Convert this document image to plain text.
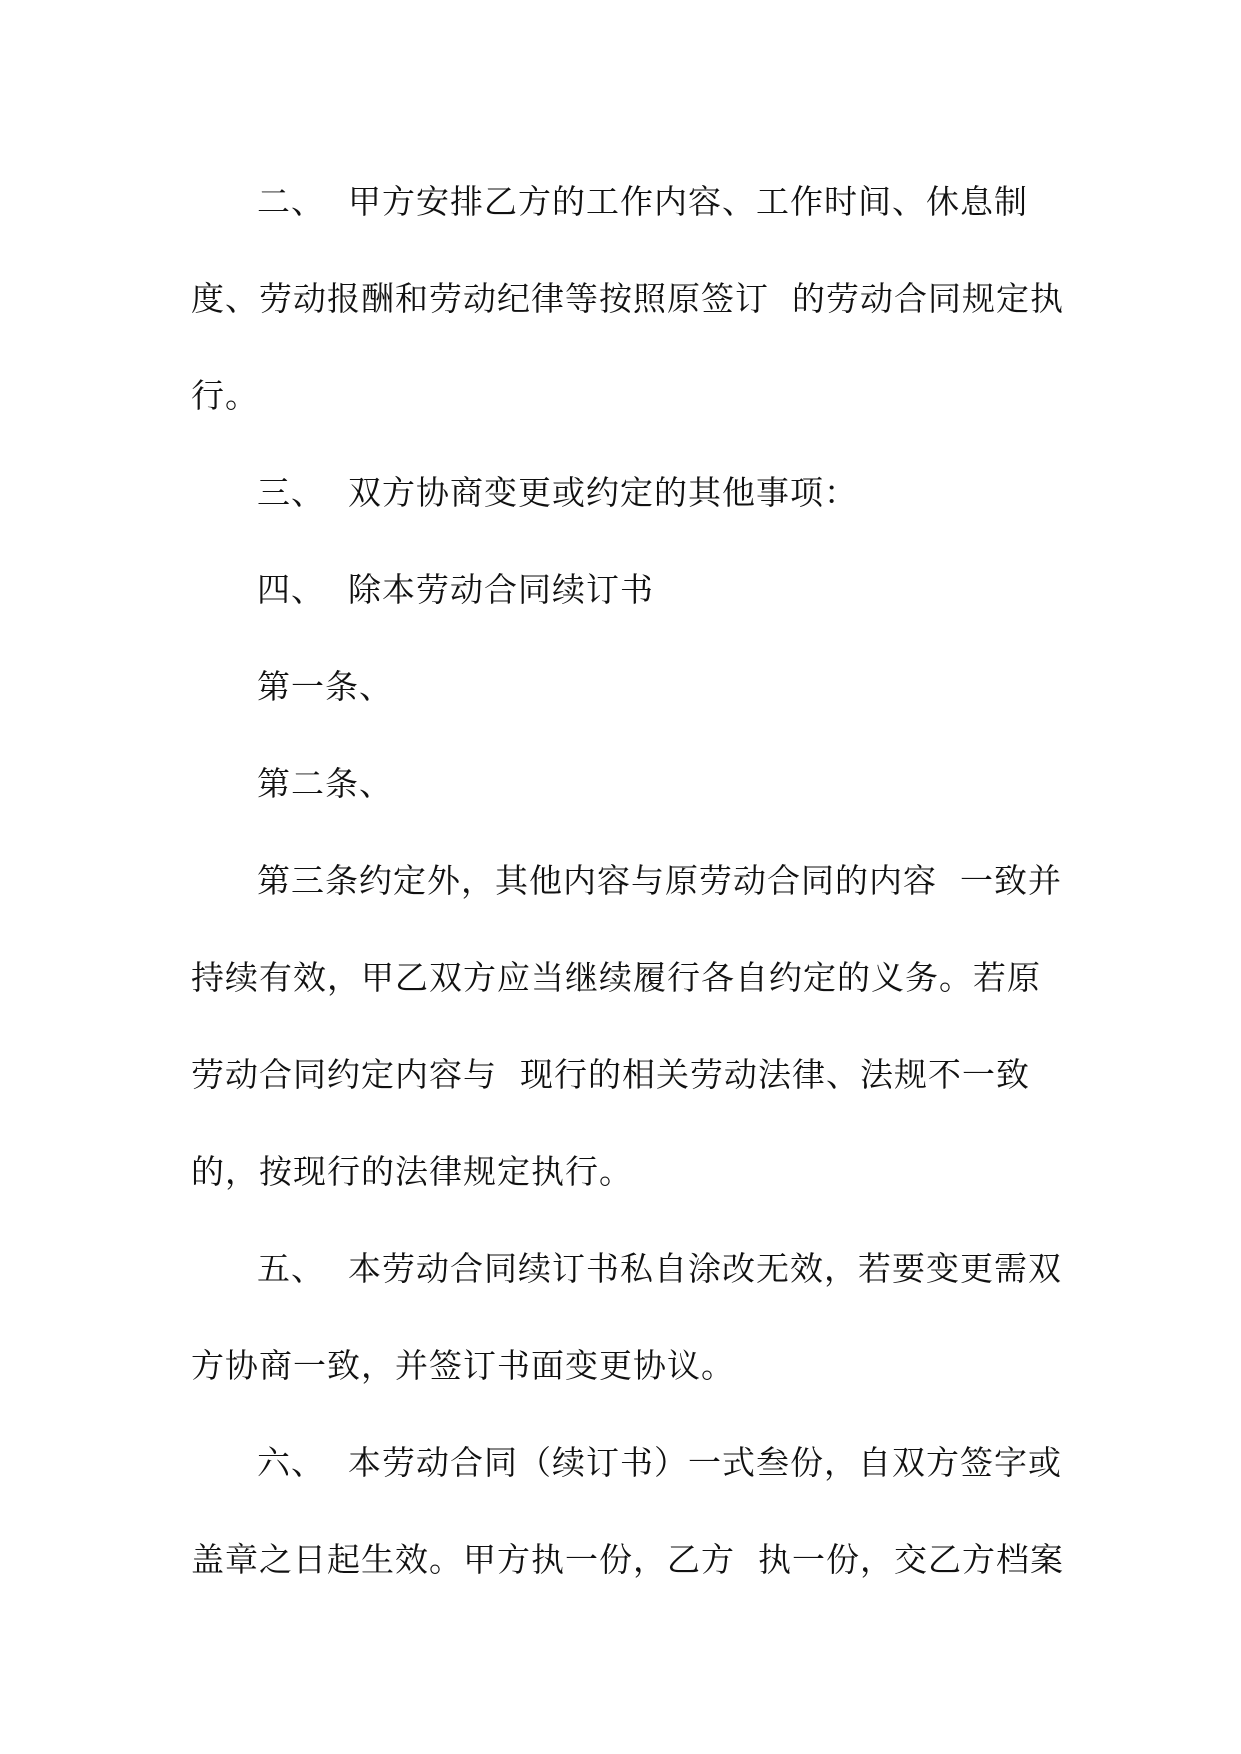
二、  甲方安排乙方的工作内容、工作时间、休息制
度、劳动报酬和劳动纪律等按照原签订  的劳动合同规定执
行。
三、  双方协商变更或约定的其他事项：
四、  除本劳动合同续订书
第一条、
第二条、
第三条约定外，其他内容与原劳动合同的内容  一致并
持续有效，甲乙双方应当继续履行各自约定的义务。若原
劳动合同约定内容与  现行的相关劳动法律、法规不一致
的，按现行的法律规定执行。
五、  本劳动合同续订书私自涂改无效，若要变更需双
方协商一致，并签订书面变更协议。
六、  本劳动合同（续订书）一式叁份，自双方签字或
盖章之日起生效。甲方执一份，乙方  执一份，交乙方档案
